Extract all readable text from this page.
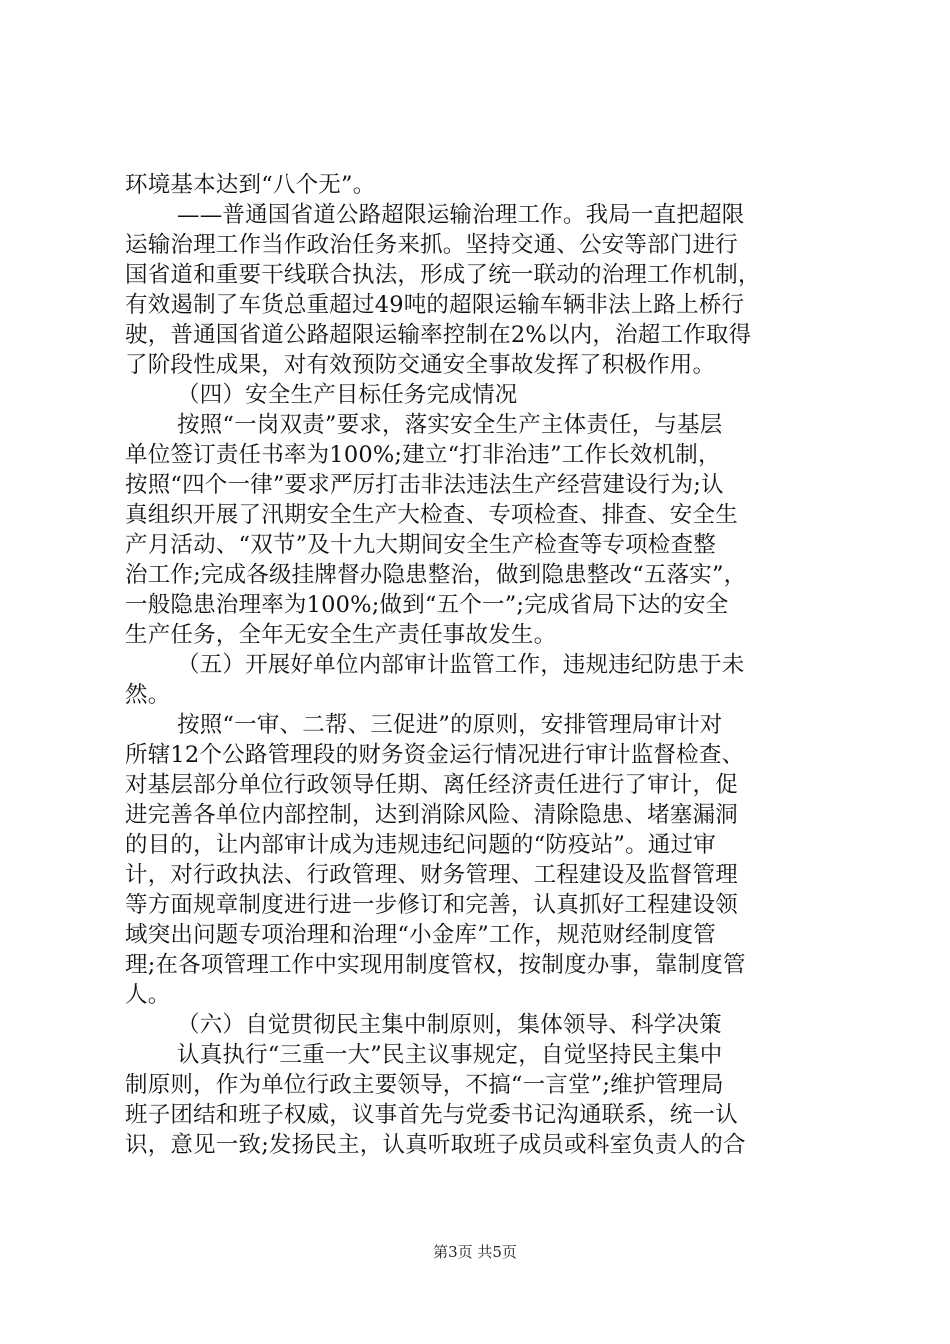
环境基本达到“八个无”。
——普通国省道公路超限运输治理工作。我局一直把超限
运输治理工作当作政治任务来抓。坚持交通、公安等部门进行
国省道和重要干线联合执法，形成了统一联动的治理工作机制，
有效遏制了车货总重超过49吨的超限运输车辆非法上路上桥行
驶，普通国省道公路超限运输率控制在2%以内，治超工作取得
了阶段性成果，对有效预防交通安全事故发挥了积极作用。
（四）安全生产目标任务完成情况
按照“一岗双责”要求，落实安全生产主体责任，与基层
单位签订责任书率为100%;建立“打非治违”工作长效机制，
按照“四个一律”要求严厉打击非法违法生产经营建设行为;认
真组织开展了汛期安全生产大检查、专项检查、排查、安全生
产月活动、“双节”及十九大期间安全生产检查等专项检查整
治工作;完成各级挂牌督办隐患整治，做到隐患整改“五落实”，
一般隐患治理率为100%;做到“五个一”;完成省局下达的安全
生产任务，全年无安全生产责任事故发生。
（五）开展好单位内部审计监管工作，违规违纪防患于未
然。
按照“一审、二帮、三促进”的原则，安排管理局审计对
所辖12个公路管理段的财务资金运行情况进行审计监督检查、
对基层部分单位行政领导任期、离任经济责任进行了审计，促
进完善各单位内部控制，达到消除风险、清除隐患、堵塞漏洞
的目的，让内部审计成为违规违纪问题的“防疫站”。通过审
计，对行政执法、行政管理、财务管理、工程建设及监督管理
等方面规章制度进行进一步修订和完善，认真抓好工程建设领
域突出问题专项治理和治理“小金库”工作，规范财经制度管
理;在各项管理工作中实现用制度管权，按制度办事，靠制度管
人。
（六）自觉贯彻民主集中制原则，集体领导、科学决策
认真执行“三重一大”民主议事规定，自觉坚持民主集中
制原则，作为单位行政主要领导，不搞“一言堂”;维护管理局
班子团结和班子权威，议事首先与党委书记沟通联系，统一认
识，意见一致;发扬民主，认真听取班子成员或科室负责人的合
第3页 共5页
